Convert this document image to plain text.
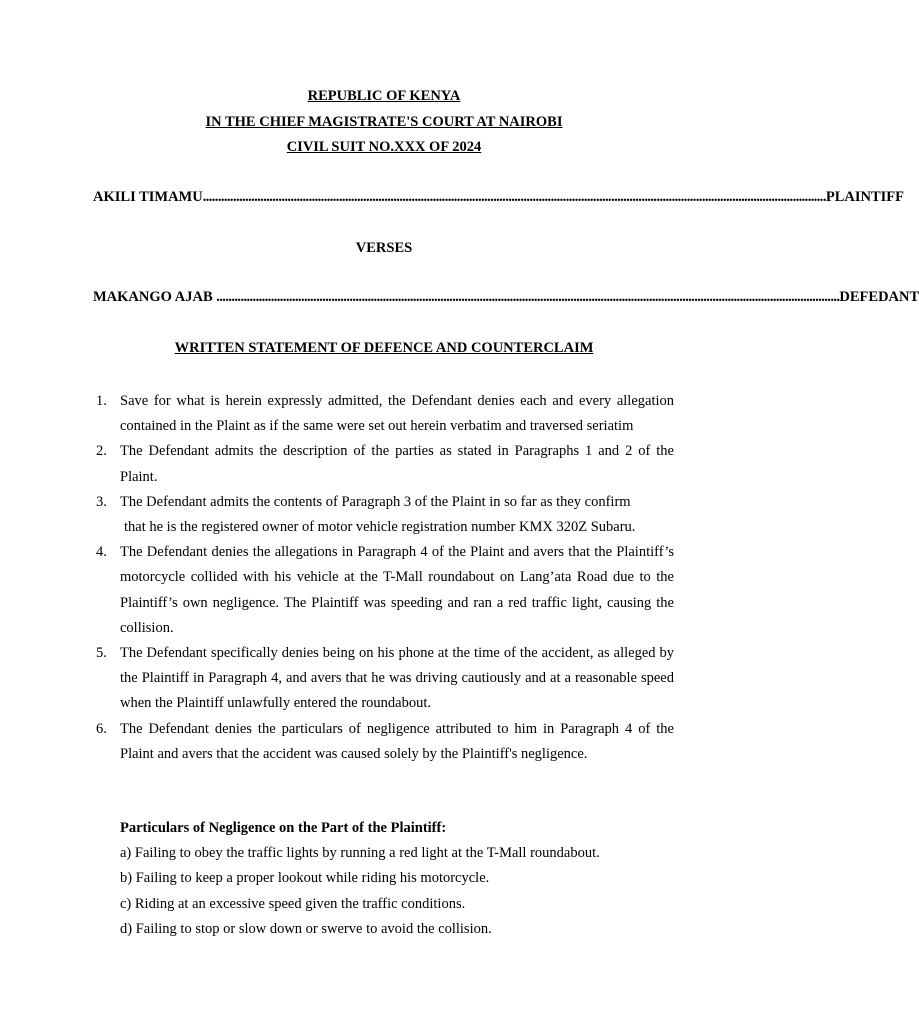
REPUBLIC OF KENYA
IN THE CHIEF MAGISTRATE'S COURT AT NAIROBI
CIVIL SUIT NO.XXX OF 2024
AKILI TIMAMU .............................................................................................................................................................................................................. PLAINTIFF
VERSES
MAKANGO AJAB .............................................................................................................................................................................................................. DEFEDANT
WRITTEN STATEMENT OF DEFENCE AND COUNTERCLAIM
1. Save for what is herein expressly admitted, the Defendant denies each and every allegation contained in the Plaint as if the same were set out herein verbatim and traversed seriatim
2. The Defendant admits the description of the parties as stated in Paragraphs 1 and 2 of the Plaint.
3. The Defendant admits the contents of Paragraph 3 of the Plaint in so far as they confirm
that he is the registered owner of motor vehicle registration number KMX 320Z Subaru.
4. The Defendant denies the allegations in Paragraph 4 of the Plaint and avers that the Plaintiff’s motorcycle collided with his vehicle at the T-Mall roundabout on Lang’ata Road due to the Plaintiff’s own negligence. The Plaintiff was speeding and ran a red traffic light, causing the collision.
5. The Defendant specifically denies being on his phone at the time of the accident, as alleged by the Plaintiff in Paragraph 4, and avers that he was driving cautiously and at a reasonable speed when the Plaintiff unlawfully entered the roundabout.
6. The Defendant denies the particulars of negligence attributed to him in Paragraph 4 of the Plaint and avers that the accident was caused solely by the Plaintiff's negligence.
Particulars of Negligence on the Part of the Plaintiff:
a) Failing to obey the traffic lights by running a red light at the T-Mall roundabout.
b) Failing to keep a proper lookout while riding his motorcycle.
c) Riding at an excessive speed given the traffic conditions.
d) Failing to stop or slow down or swerve to avoid the collision.
